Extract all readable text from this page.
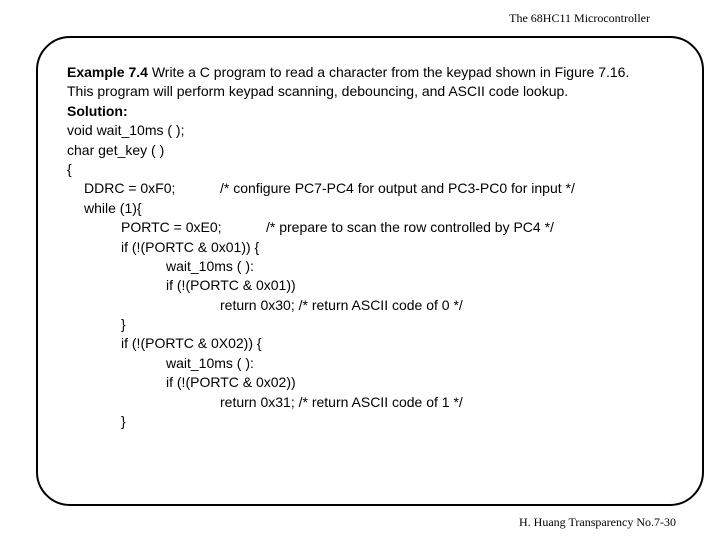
The 68HC11 Microcontroller
Example 7.4 Write a C program to read a character from the keypad shown in Figure 7.16.
This program will perform keypad scanning, debouncing, and ASCII code lookup.
Solution:
void wait_10ms ( );
char get_key ( )
{
DDRC = 0xF0;	/* configure PC7-PC4 for output and PC3-PC0 for input */
while (1){
PORTC = 0xE0;	/* prepare to scan the row controlled by PC4 */
if (!(PORTC & 0x01)) {
wait_10ms ( ):
if (!(PORTC & 0x01))
return 0x30; /* return ASCII code of 0 */
}
if (!(PORTC & 0X02)) {
wait_10ms ( ):
if (!(PORTC & 0x02))
return 0x31; /* return ASCII code of 1 */
}
H. Huang Transparency No.7-30
